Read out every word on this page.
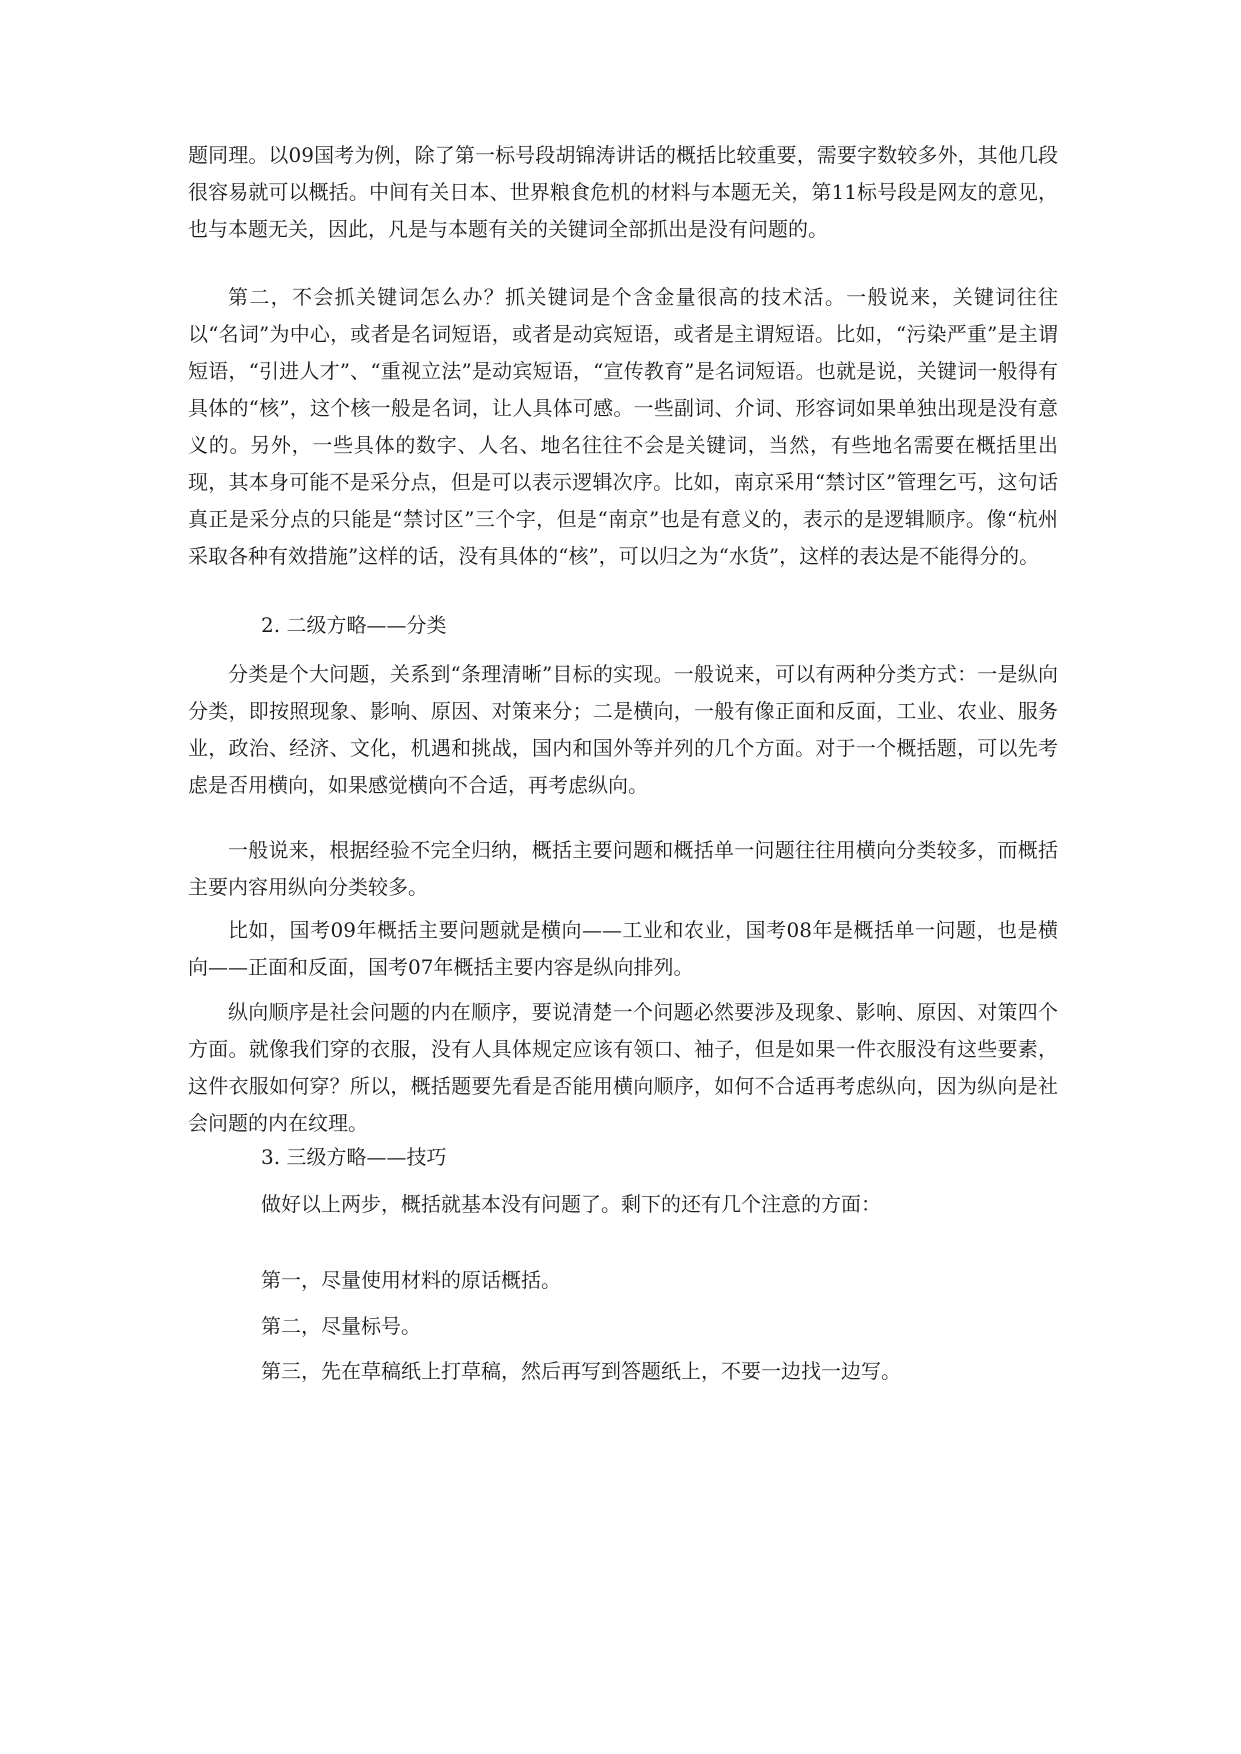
题同理。以09国考为例，除了第一标号段胡锦涛讲话的概括比较重要，需要字数较多外，其他几段很容易就可以概括。中间有关日本、世界粮食危机的材料与本题无关，第11标号段是网友的意见，也与本题无关，因此，凡是与本题有关的关键词全部抓出是没有问题的。

第二，不会抓关键词怎么办？抓关键词是个含金量很高的技术活。一般说来，关键词往往以“名词”为中心，或者是名词短语，或者是动宾短语，或者是主谓短语。比如，“污染严重”是主谓短语，“引进人才”、“重视立法”是动宾短语，“宣传教育”是名词短语。也就是说，关键词一般得有具体的“核”，这个核一般是名词，让人具体可感。一些副词、介词、形容词如果单独出现是没有意义的。另外，一些具体的数字、人名、地名往往不会是关键词，当然，有些地名需要在概括里出现，其本身可能不是采分点，但是可以表示逻辑次序。比如，南京采用“禁讨区”管理乞丐，这句话真正是采分点的只能是“禁讨区”三个字，但是“南京”也是有意义的，表示的是逻辑顺序。像“杭州采取各种有效措施”这样的话，没有具体的“核”，可以归之为“水货”，这样的表达是不能得分的。

2. 二级方略——分类

分类是个大问题，关系到“条理清晰”目标的实现。一般说来，可以有两种分类方式：一是纵向分类，即按照现象、影响、原因、对策来分；二是横向，一般有像正面和反面，工业、农业、服务业，政治、经济、文化，机遇和挑战，国内和国外等并列的几个方面。对于一个概括题，可以先考虑是否用横向，如果感觉横向不合适，再考虑纵向。

一般说来，根据经验不完全归纳，概括主要问题和概括单一问题往往用横向分类较多，而概括主要内容用纵向分类较多。

比如，国考09年概括主要问题就是横向——工业和农业，国考08年是概括单一问题，也是横向——正面和反面，国考07年概括主要内容是纵向排列。

纵向顺序是社会问题的内在顺序，要说清楚一个问题必然要涉及现象、影响、原因、对策四个方面。就像我们穿的衣服，没有人具体规定应该有领口、袖子，但是如果一件衣服没有这些要素，这件衣服如何穿？所以，概括题要先看是否能用横向顺序，如何不合适再考虑纵向，因为纵向是社会问题的内在纹理。

3. 三级方略——技巧

做好以上两步，概括就基本没有问题了。剩下的还有几个注意的方面：

第一，尽量使用材料的原话概括。

第二，尽量标号。

第三，先在草稿纸上打草稿，然后再写到答题纸上，不要一边找一边写。
